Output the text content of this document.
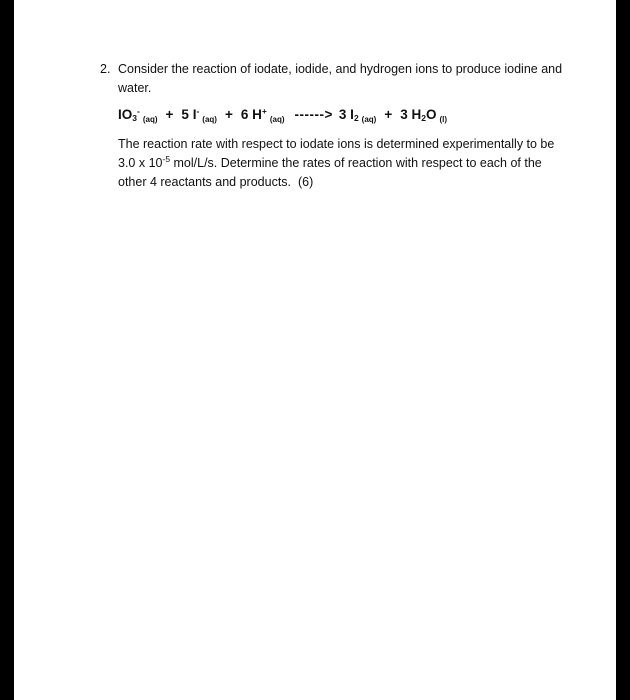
2. Consider the reaction of iodate, iodide, and hydrogen ions to produce iodine and water.
$IO_3^-_{(aq)} + 5$ $I^-_{(aq)} + 6$ $H^+_{(aq)}$ ------> 3 $I_2$ $_{(aq)}$ + 3 $H_2O$ $_{(l)}$
The reaction rate with respect to iodate ions is determined experimentally to be 3.0 x $10^{-5}$ mol/L/s. Determine the rates of reaction with respect to each of the other 4 reactants and products. (6)
